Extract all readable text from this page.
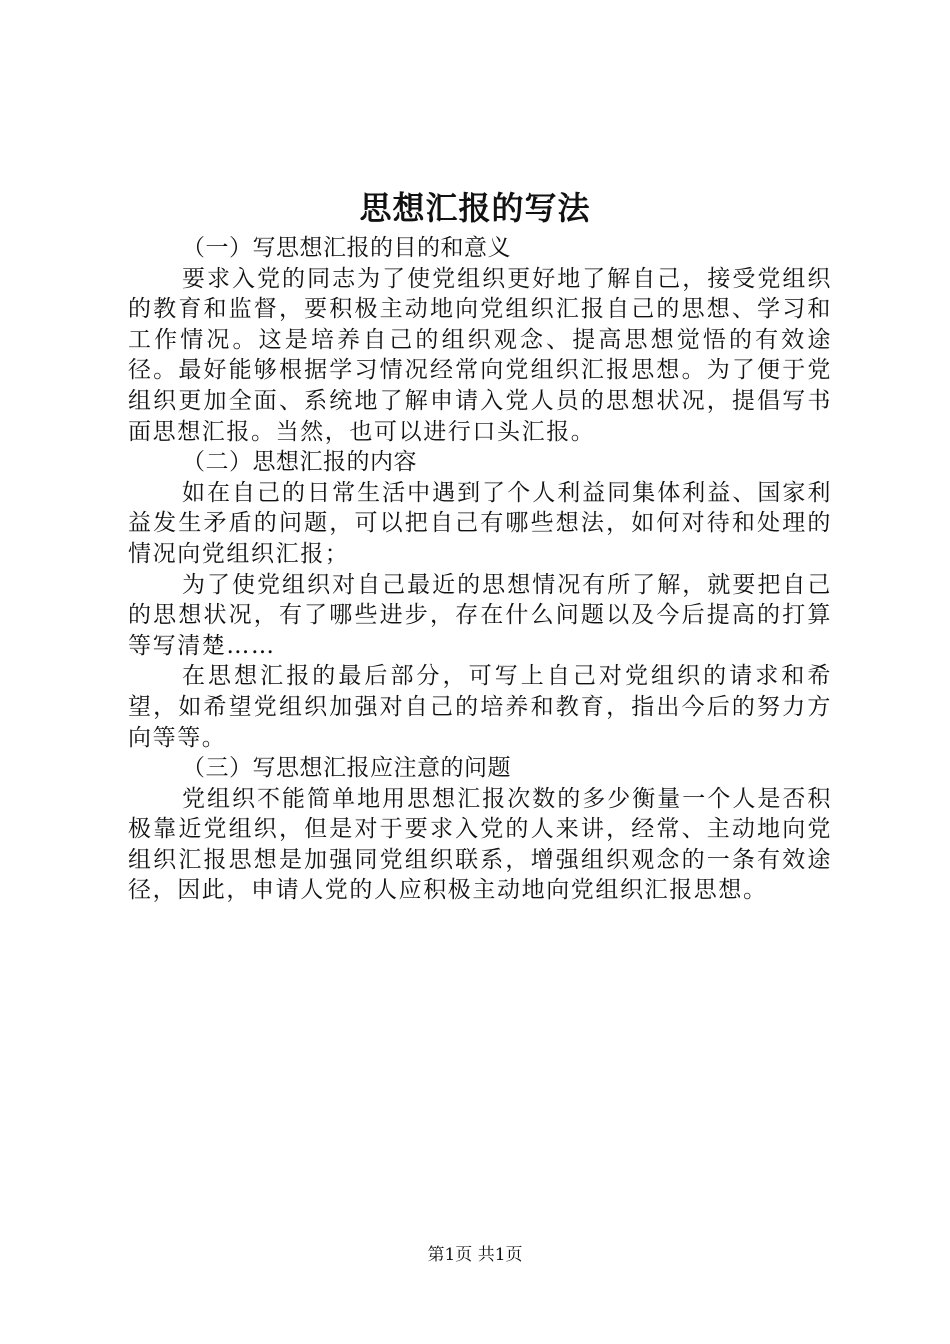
思想汇报的写法

（一）写思想汇报的目的和意义

要求入党的同志为了使党组织更好地了解自己，接受党组织的教育和监督，要积极主动地向党组织汇报自己的思想、学习和工作情况。这是培养自己的组织观念、提高思想觉悟的有效途径。最好能够根据学习情况经常向党组织汇报思想。为了便于党组织更加全面、系统地了解申请入党人员的思想状况，提倡写书面思想汇报。当然，也可以进行口头汇报。

（二）思想汇报的内容

如在自己的日常生活中遇到了个人利益同集体利益、国家利益发生矛盾的问题，可以把自己有哪些想法，如何对待和处理的情况向党组织汇报；

为了使党组织对自己最近的思想情况有所了解，就要把自己的思想状况，有了哪些进步，存在什么问题以及今后提高的打算等写清楚……

在思想汇报的最后部分，可写上自己对党组织的请求和希望，如希望党组织加强对自己的培养和教育，指出今后的努力方向等等。

（三）写思想汇报应注意的问题

党组织不能简单地用思想汇报次数的多少衡量一个人是否积极靠近党组织，但是对于要求入党的人来讲，经常、主动地向党组织汇报思想是加强同党组织联系，增强组织观念的一条有效途径，因此，申请人党的人应积极主动地向党组织汇报思想。

第1页 共1页
